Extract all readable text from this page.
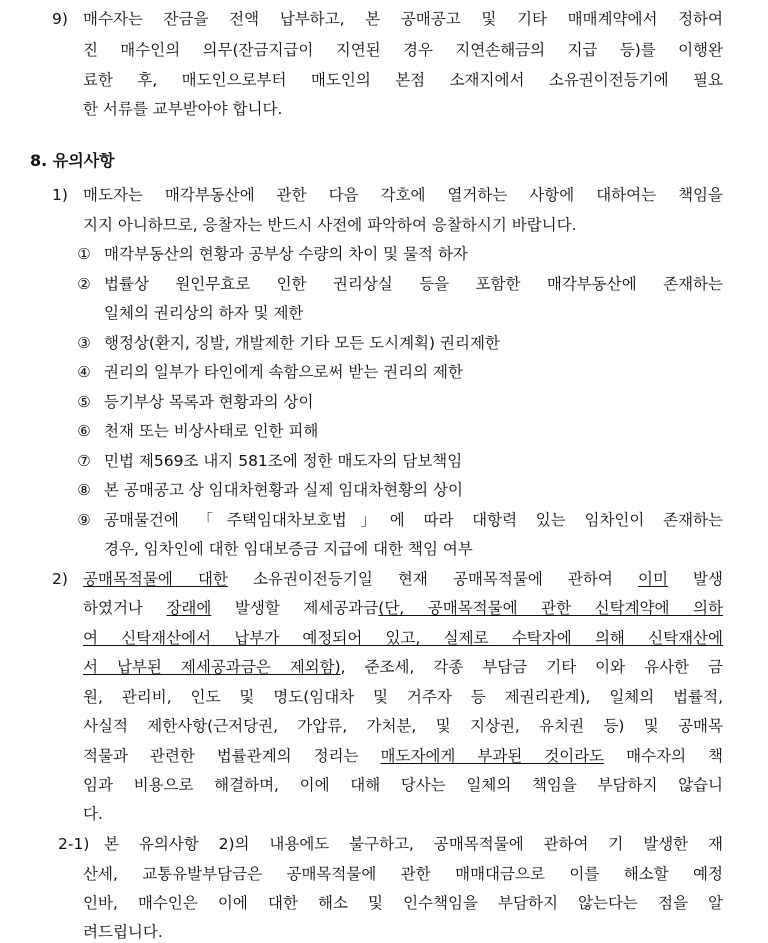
9) 매수자는 잔금을 전액 납부하고, 본 공매공고 및 기타 매매계약에서 정하여
진 매수인의 의무(잔금지급이 지연된 경우 지연손해금의 지급 등)를 이행완
료한 후, 매도인으로부터 매도인의 본점 소재지에서 소유권이전등기에 필요
한 서류를 교부받아야 합니다.
8. 유의사항
1) 매도자는 매각부동산에 관한 다음 각호에 열거하는 사항에 대하여는 책임을
지지 아니하므로, 응찰자는 반드시 사전에 파악하여 응찰하시기 바랍니다.
① 매각부동산의 현황과 공부상 수량의 차이 및 물적 하자
② 법률상 원인무효로 인한 권리상실 등을 포함한 매각부동산에 존재하는
일체의 권리상의 하자 및 제한
③ 행정상(환지, 징발, 개발제한 기타 모든 도시계획) 권리제한
④ 권리의 일부가 타인에게 속함으로써 받는 권리의 제한
⑤ 등기부상 목록과 현황과의 상이
⑥ 천재 또는 비상사태로 인한 피해
⑦ 민법 제569조 내지 581조에 정한 매도자의 담보책임
⑧ 본 공매공고 상 임대차현황과 실제 임대차현황의 상이
⑨ 공매물건에 「주택임대차보호법」에 따라 대항력 있는 임차인이 존재하는
경우, 임차인에 대한 임대보증금 지급에 대한 책임 여부
2) 공매목적물에 대한 소유권이전등기일 현재 공매목적물에 관하여 이미 발생
하였거나 장래에 발생할 제세공과금(단, 공매목적물에 관한 신탁계약에 의하
여 신탁재산에서 납부가 예정되어 있고, 실제로 수탁자에 의해 신탁재산에
서 납부된 제세공과금은 제외함), 준조세, 각종 부담금 기타 이와 유사한 금
원, 관리비, 인도 및 명도(임대차 및 거주자 등 제권리관계), 일체의 법률적,
사실적 제한사항(근저당권, 가압류, 가처분, 및 지상권, 유치권 등) 및 공매목
적물과 관련한 법률관계의 정리는 매도자에게 부과된 것이라도 매수자의 책
임과 비용으로 해결하며, 이에 대해 당사는 일체의 책임을 부담하지 않습니
다.
2-1) 본 유의사항 2)의 내용에도 불구하고, 공매목적물에 관하여 기 발생한 재
산세, 교통유발부담금은 공매목적물에 관한 매매대금으로 이를 해소할 예정
인바, 매수인은 이에 대한 해소 및 인수책임을 부담하지 않는다는 점을 알
려드립니다.
